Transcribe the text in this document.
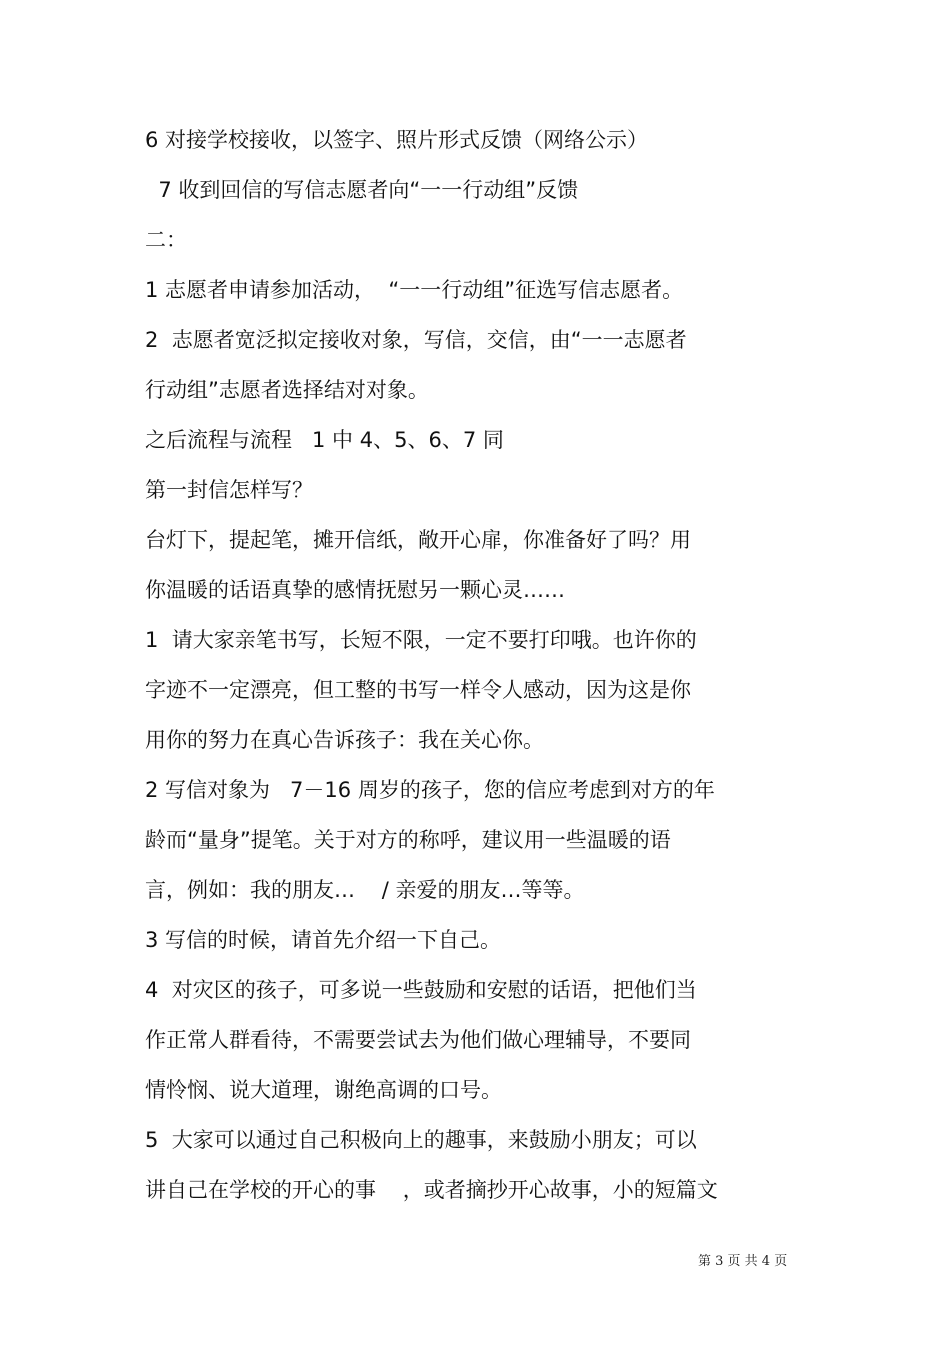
6 对接学校接收，以签字、照片形式反馈（网络公示）
7 收到回信的写信志愿者向“一一行动组”反馈
二：
1 志愿者申请参加活动，  “一一行动组”征选写信志愿者。
2  志愿者宽泛拟定接收对象，写信，交信，由“一一志愿者
行动组”志愿者选择结对对象。
之后流程与流程   1 中 4、5、6、7 同
第一封信怎样写？
台灯下，提起笔，摊开信纸，敞开心扉，你准备好了吗？用
你温暖的话语真挚的感情抚慰另一颗心灵……
1  请大家亲笔书写，长短不限，一定不要打印哦。也许你的
字迹不一定漂亮，但工整的书写一样令人感动，因为这是你
用你的努力在真心告诉孩子：我在关心你。
2 写信对象为   7－16 周岁的孩子，您的信应考虑到对方的年
龄而“量身”提笔。关于对方的称呼，建议用一些温暖的语
言，例如：我的朋友…    / 亲爱的朋友…等等。
3 写信的时候，请首先介绍一下自己。
4  对灾区的孩子，可多说一些鼓励和安慰的话语，把他们当
作正常人群看待，不需要尝试去为他们做心理辅导，不要同
情怜悯、说大道理，谢绝高调的口号。
5  大家可以通过自己积极向上的趣事，来鼓励小朋友；可以
讲自己在学校的开心的事    ，或者摘抄开心故事，小的短篇文
第 3 页 共 4 页
